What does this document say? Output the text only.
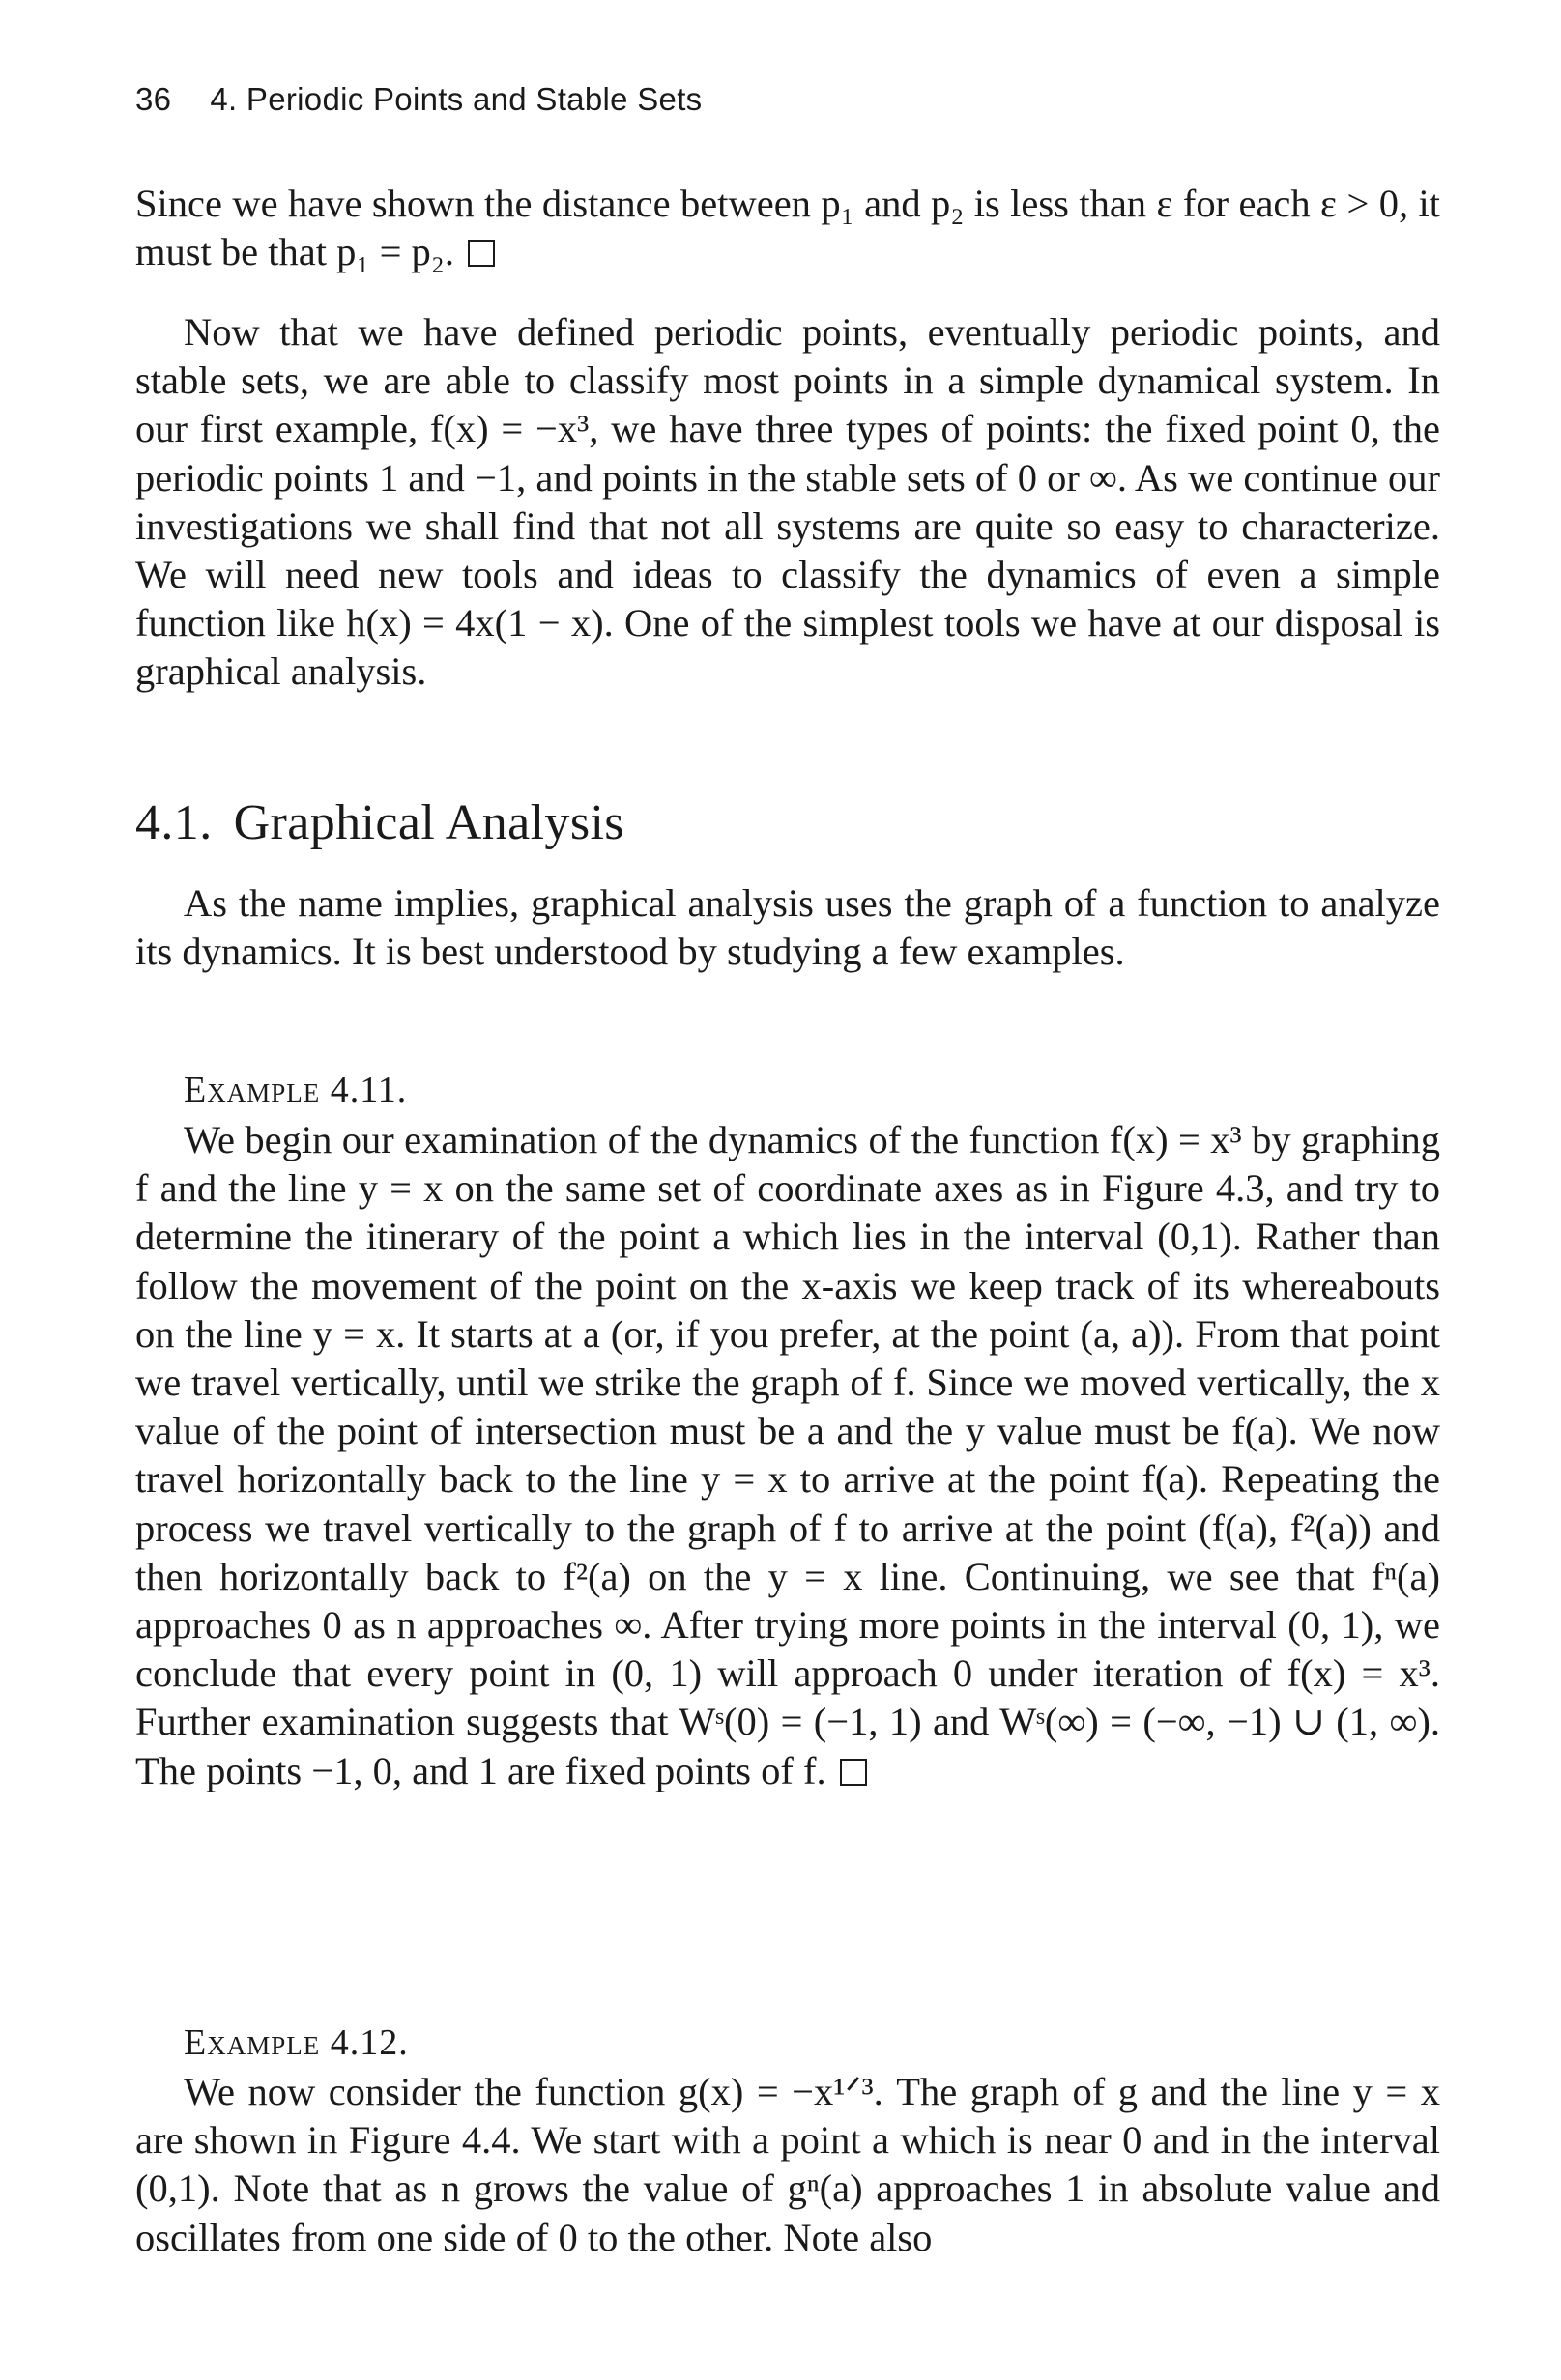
36 4. Periodic Points and Stable Sets

Since we have shown the distance between p₁ and p₂ is less than ε for each ε > 0, it must be that p₁ = p₂.

Now that we have defined periodic points, eventually periodic points, and stable sets, we are able to classify most points in a simple dynamical system. In our first example, f(x) = −x³, we have three types of points: the fixed point 0, the periodic points 1 and −1, and points in the stable sets of 0 or ∞. As we continue our investigations we shall find that not all systems are quite so easy to characterize. We will need new tools and ideas to classify the dynamics of even a simple function like h(x) = 4x(1 − x). One of the simplest tools we have at our disposal is graphical analysis.

4.1. Graphical Analysis

As the name implies, graphical analysis uses the graph of a function to analyze its dynamics. It is best understood by studying a few examples.

Example 4.11.

We begin our examination of the dynamics of the function f(x) = x³ by graphing f and the line y = x on the same set of coordinate axes as in Figure 4.3, and try to determine the itinerary of the point a which lies in the interval (0,1). Rather than follow the movement of the point on the x-axis we keep track of its whereabouts on the line y = x. It starts at a (or, if you prefer, at the point (a, a)). From that point we travel vertically, until we strike the graph of f. Since we moved vertically, the x value of the point of intersection must be a and the y value must be f(a). We now travel horizontally back to the line y = x to arrive at the point f(a). Repeating the process we travel vertically to the graph of f to arrive at the point (f(a), f²(a)) and then horizontally back to f²(a) on the y = x line. Continuing, we see that fⁿ(a) approaches 0 as n approaches ∞. After trying more points in the interval (0, 1), we conclude that every point in (0, 1) will approach 0 under iteration of f(x) = x³. Further examination suggests that Wˢ(0) = (−1, 1) and Wˢ(∞) = (−∞, −1) ∪ (1, ∞). The points −1, 0, and 1 are fixed points of f.

Example 4.12.

We now consider the function g(x) = −x¹ᐟ³. The graph of g and the line y = x are shown in Figure 4.4. We start with a point a which is near 0 and in the interval (0,1). Note that as n grows the value of gⁿ(a) approaches 1 in absolute value and oscillates from one side of 0 to the other. Note also
